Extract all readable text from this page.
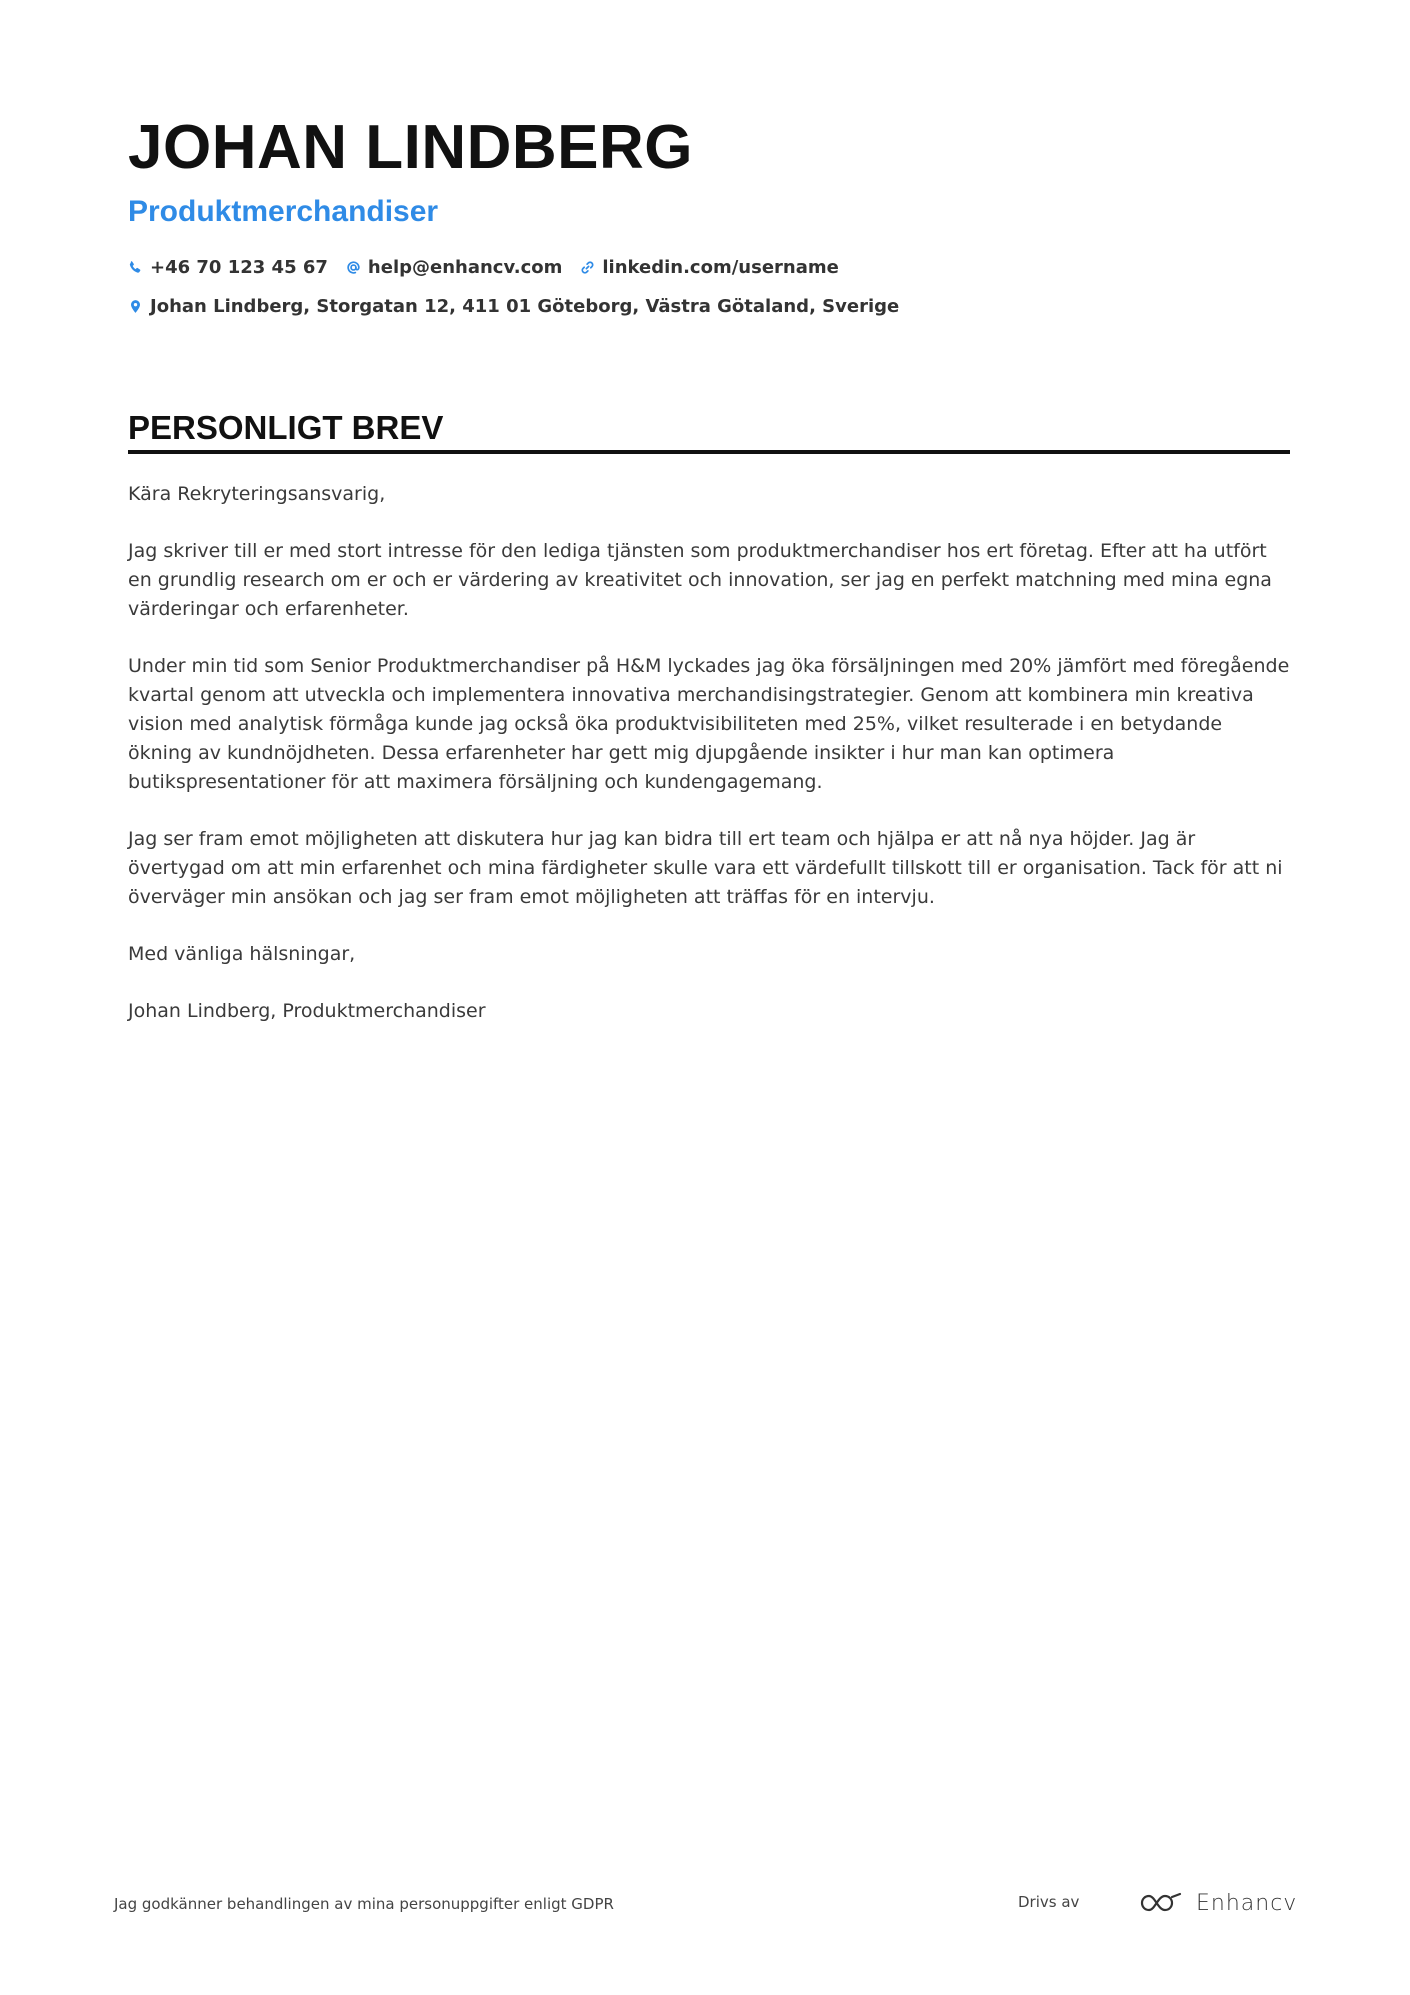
JOHAN LINDBERG
Produktmerchandiser
+46 70 123 45 67 help@enhancv.com linkedin.com/username
Johan Lindberg, Storgatan 12, 411 01 Göteborg, Västra Götaland, Sverige
PERSONLIGT BREV

Kära Rekryteringsansvarig,

Jag skriver till er med stort intresse för den lediga tjänsten som produktmerchandiser hos ert företag. Efter att ha utfört en grundlig research om er och er värdering av kreativitet och innovation, ser jag en perfekt matchning med mina egna värderingar och erfarenheter.

Under min tid som Senior Produktmerchandiser på H&M lyckades jag öka försäljningen med 20% jämfört med föregående kvartal genom att utveckla och implementera innovativa merchandisingstrategier. Genom att kombinera min kreativa vision med analytisk förmåga kunde jag också öka produktvisibiliteten med 25%, vilket resulterade i en betydande ökning av kundnöjdheten. Dessa erfarenheter har gett mig djupgående insikter i hur man kan optimera butikspresentationer för att maximera försäljning och kundengagemang.

Jag ser fram emot möjligheten att diskutera hur jag kan bidra till ert team och hjälpa er att nå nya höjder. Jag är övertygad om att min erfarenhet och mina färdigheter skulle vara ett värdefullt tillskott till er organisation. Tack för att ni överväger min ansökan och jag ser fram emot möjligheten att träffas för en intervju.

Med vänliga hälsningar,

Johan Lindberg, Produktmerchandiser

Jag godkänner behandlingen av mina personuppgifter enligt GDPR	Drivs av	Enhancv
